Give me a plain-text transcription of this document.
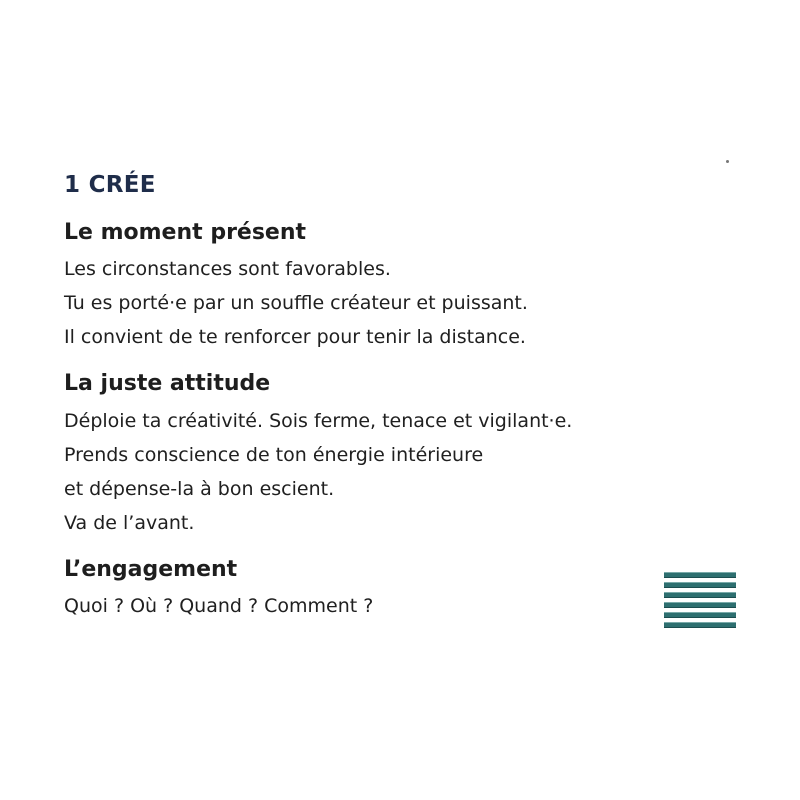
1 CRÉE
Le moment présent

Les circonstances sont favorables.
Tu es porté·e par un souffle créateur et puissant.
Il convient de te renforcer pour tenir la distance.

La juste attitude

Déploie ta créativité. Sois ferme, tenace et vigilant·e.
Prends conscience de ton énergie intérieure
et dépense-la à bon escient.
Va de l’avant.

L’engagement

Quoi ? Où ? Quand ? Comment ?
